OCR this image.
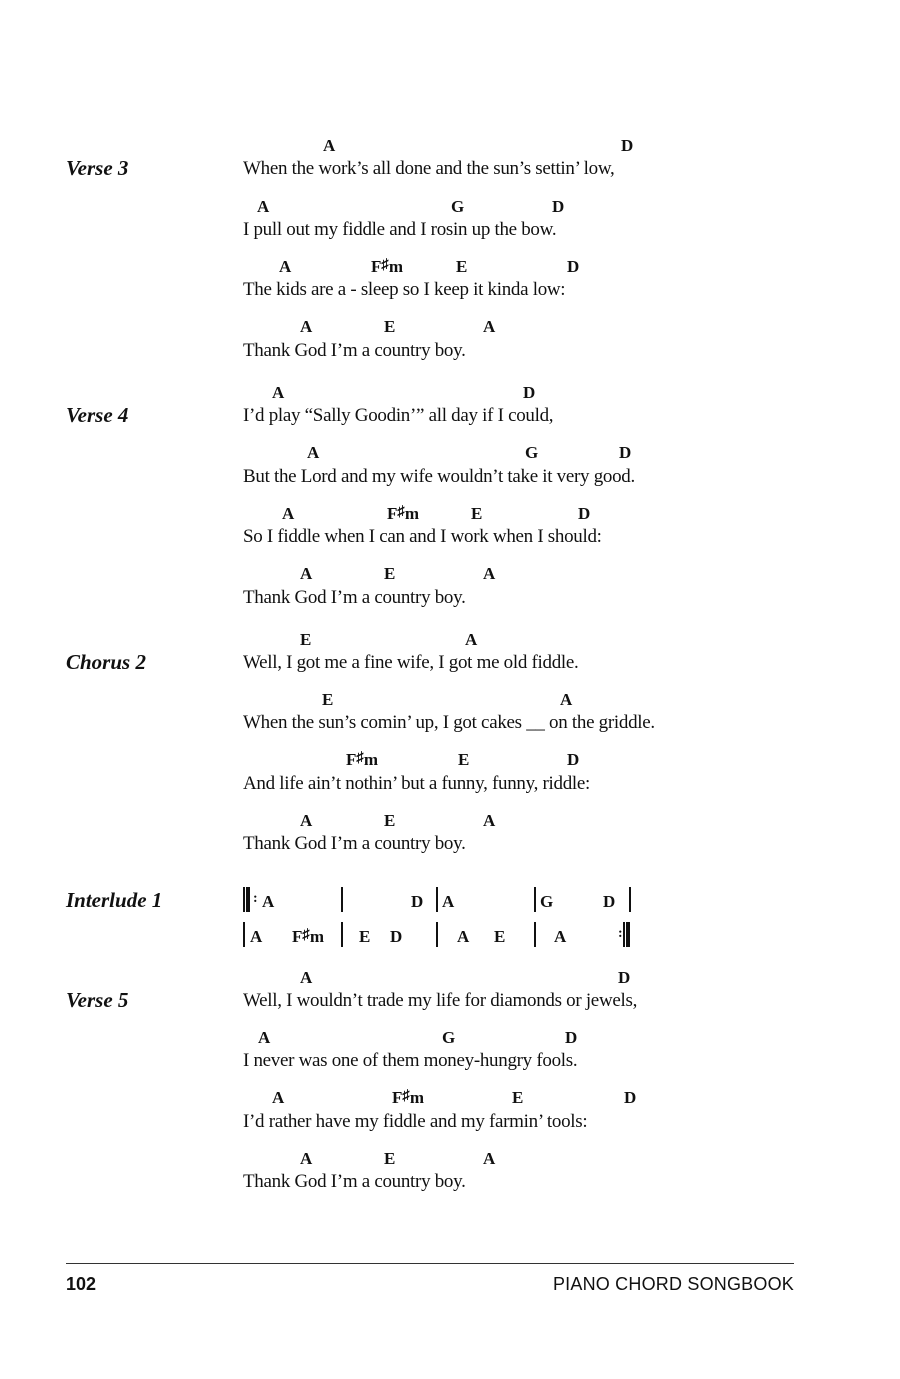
Verse 3
A	D
When the work’s all done and the sun’s settin’ low,
A	G	D
I pull out my fiddle and I rosin up the bow.
A	F♯m	E	D
The kids are a - sleep so I keep it kinda low:
A	E	A
Thank God I’m a country boy.
Verse 4
A	D
I’d play “Sally Goodin’” all day if I could,
A	G	D
But the Lord and my wife wouldn’t take it very good.
A	F♯m	E	D
So I fiddle when I can and I work when I should:
A	E	A
Thank God I’m a country boy.
Chorus 2
E	A
Well, I got me a fine wife, I got me old fiddle.
E	A
When the sun’s comin’ up, I got cakes __ on the griddle.
F♯m	E	D
And life ain’t nothin’ but a funny, funny, riddle:
A	E	A
Thank God I’m a country boy.
Interlude 1	: A	D A	G	D
A F♯m E D	A E	A	:
Verse 5
A	D
Well, I wouldn’t trade my life for diamonds or jewels,
A	G	D
I never was one of them money-hungry fools.
A	F♯m	E	D
I’d rather have my fiddle and my farmin’ tools:
A	E	A
Thank God I’m a country boy.
102	PIANO CHORD SONGBOOK
